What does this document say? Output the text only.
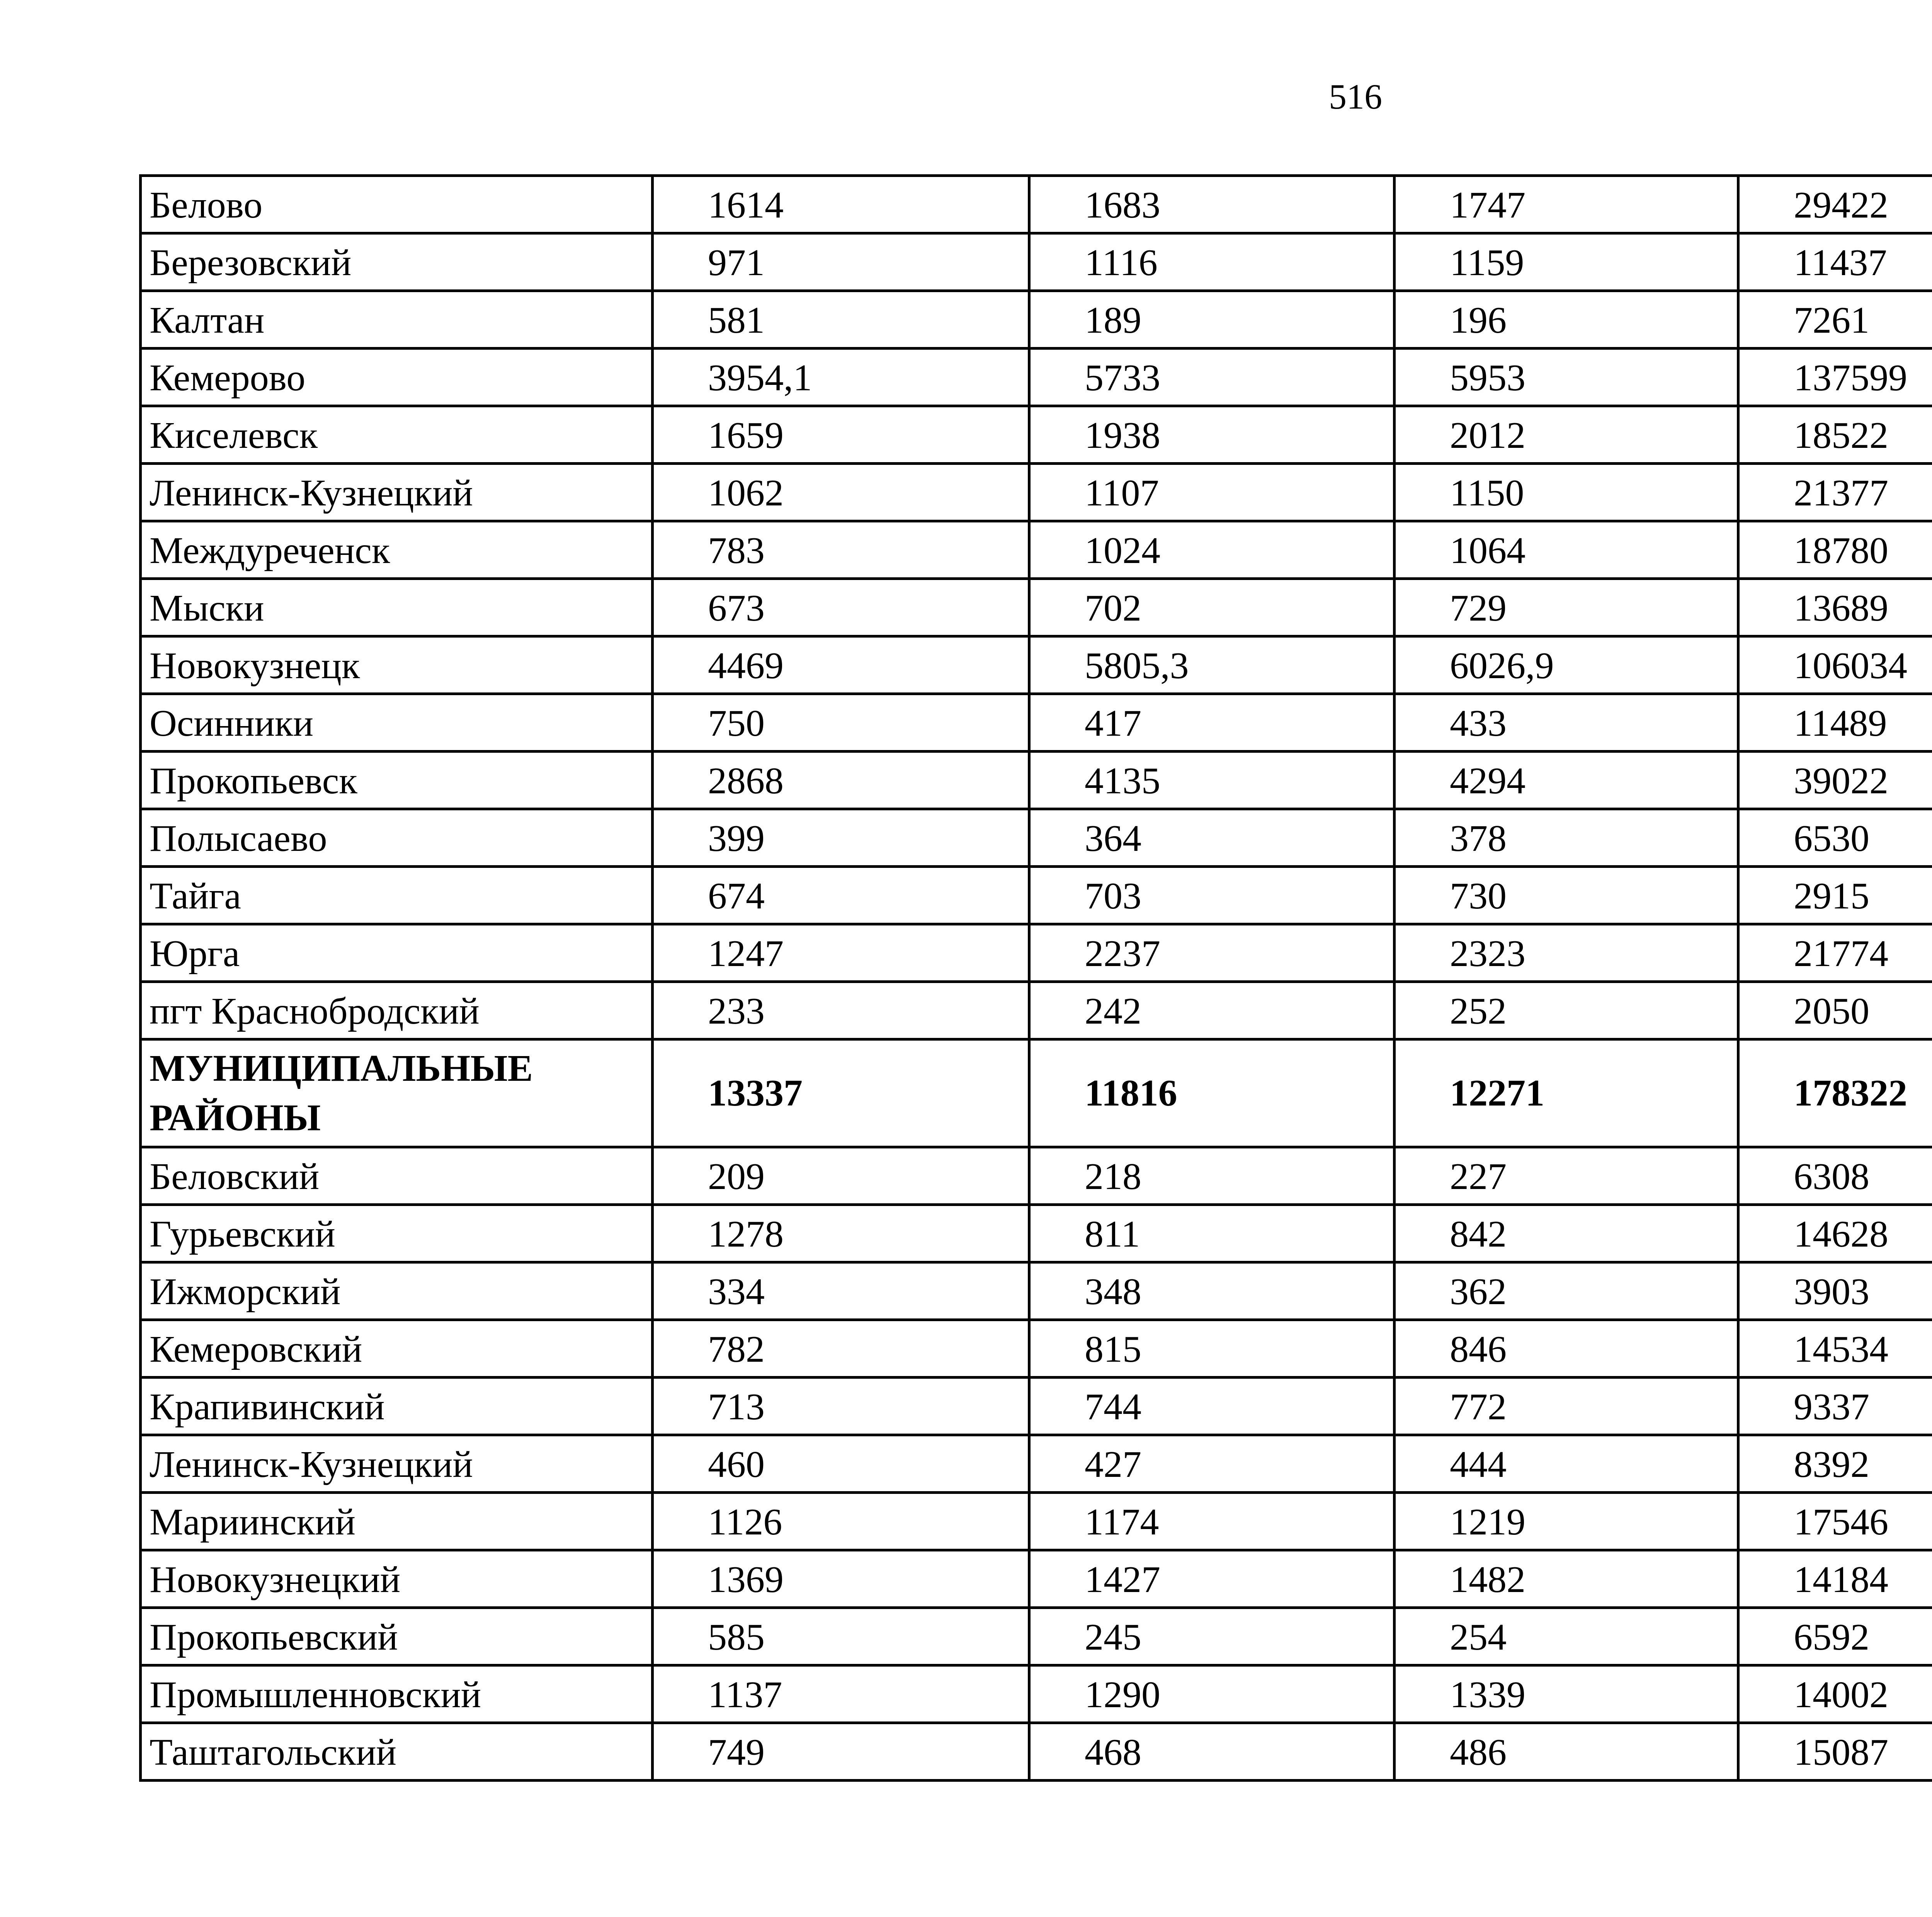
516
Белово	1614	1683	1747	29422		
Березовский	971	1116	1159	11437		
Калтан	581	189	196	7261		
Кемерово	3954,1	5733	5953	137599		
Киселевск	1659	1938	2012	18522		
Ленинск-Кузнецкий	1062	1107	1150	21377		
Междуреченск	783	1024	1064	18780		
Мыски	673	702	729	13689		
Новокузнецк	4469	5805,3	6026,9	106034		
Осинники	750	417	433	11489		
Прокопьевск	2868	4135	4294	39022		
Полысаево	399	364	378	6530		
Тайга	674	703	730	2915		
Юрга	1247	2237	2323	21774		
пгт Краснобродский	233	242	252	2050		
МУНИЦИПАЛЬНЫЕ РАЙОНЫ	13337	11816	12271	178322		
Беловский	209	218	227	6308		
Гурьевский	1278	811	842	14628		
Ижморский	334	348	362	3903		
Кемеровский	782	815	846	14534		
Крапивинский	713	744	772	9337		
Ленинск-Кузнецкий	460	427	444	8392		
Мариинский	1126	1174	1219	17546		
Новокузнецкий	1369	1427	1482	14184		
Прокопьевский	585	245	254	6592		
Промышленновский	1137	1290	1339	14002		
Таштагольский	749	468	486	15087		
